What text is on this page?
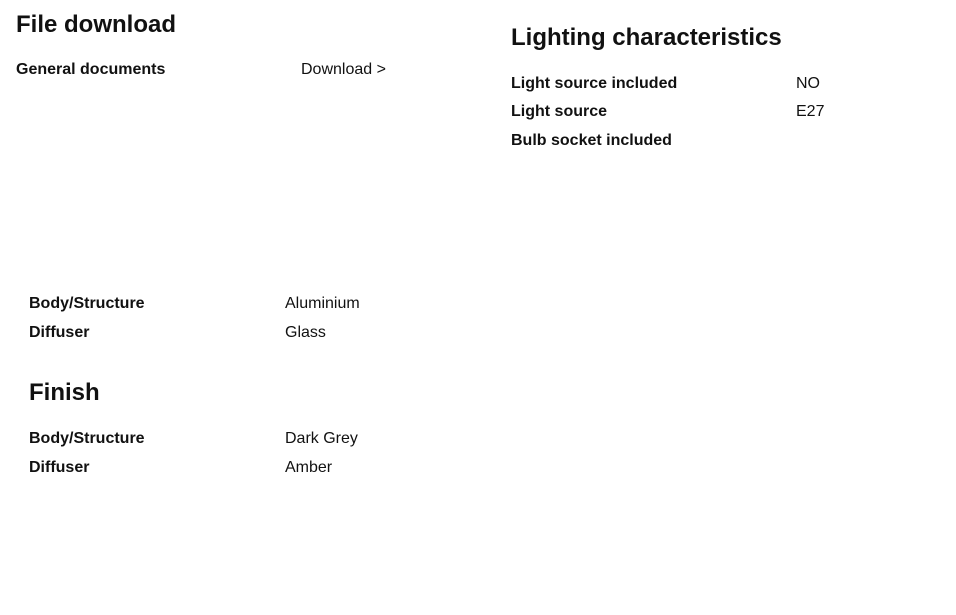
File download
General documents	Download >
Lighting characteristics
Light source included	NO
Light source	E27
Bulb socket included
Body/Structure	Aluminium
Diffuser	Glass
Finish
Body/Structure	Dark Grey
Diffuser	Amber
